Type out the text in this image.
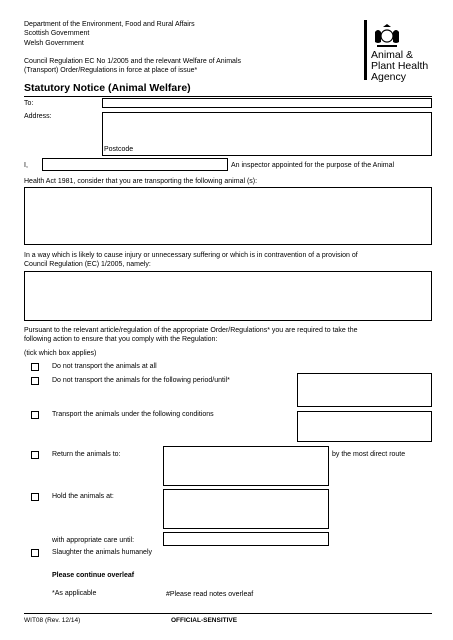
Department of the Environment, Food and Rural Affairs
Scottish Government
Welsh Government
Council Regulation EC No 1/2005 and the relevant Welfare of Animals
(Transport) Order/Regulations in force at place of issue*
Animal &
Plant Health
Agency
Statutory Notice (Animal Welfare)
To:
Address:
Postcode
I,	An inspector appointed for the purpose of the Animal
Health Act 1981, consider that you are transporting the following animal (s):
In a way which is likely to cause injury or unnecessary suffering or which is in contravention of a provision of
Council Regulation (EC) 1/2005, namely:
Pursuant to the relevant article/regulation of the appropriate Order/Regulations* you are required to take the
following action to ensure that you comply with the Regulation:
(tick which box applies)
Do not transport the animals at all
Do not transport the animals for the following period/until*
Transport the animals under the following conditions
Return the animals to:	by the most direct route
Hold the animals at:
with appropriate care until:
Slaughter the animals humanely
Please continue overleaf
*As applicable	#Please read notes overleaf
WIT08 (Rev. 12/14)	OFFICIAL-SENSITIVE
